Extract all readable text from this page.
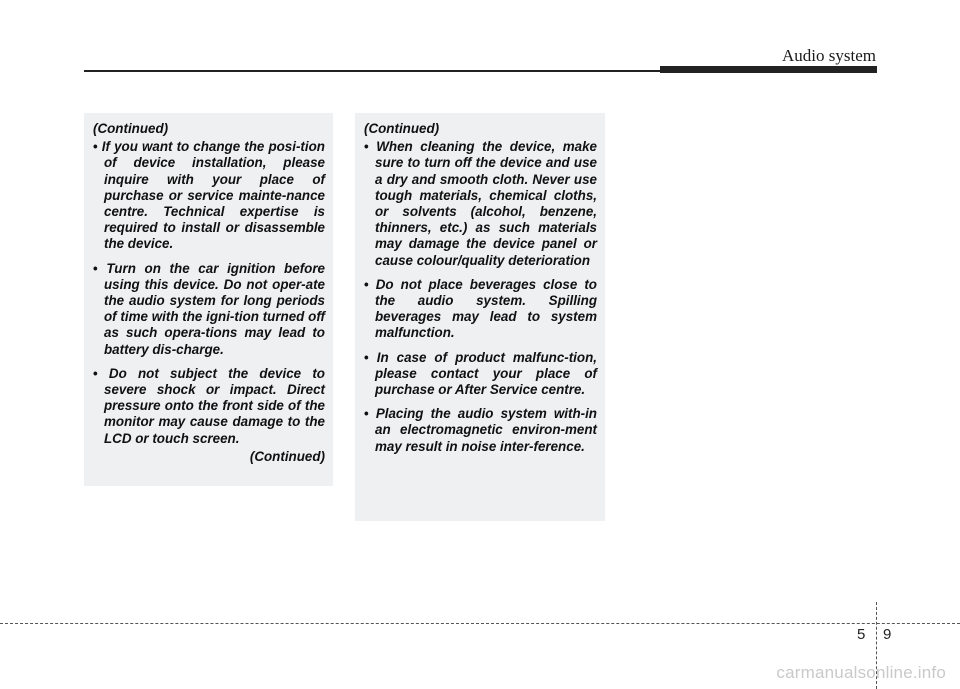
Audio system
(Continued)
• If you want to change the posi-tion of device installation, please inquire with your place of purchase or service mainte-nance centre. Technical expertise is required to install or disassemble the device.
• Turn on the car ignition before using this device. Do not oper-ate the audio system for long periods of time with the igni-tion turned off as such opera-tions may lead to battery dis-charge.
• Do not subject the device to severe shock or impact. Direct pressure onto the front side of the monitor may cause damage to the LCD or touch screen.
(Continued)
(Continued)
• When cleaning the device, make sure to turn off the device and use a dry and smooth cloth. Never use tough materials, chemical cloths, or solvents (alcohol, benzene, thinners, etc.) as such materials may damage the device panel or cause colour/quality deterioration
• Do not place beverages close to the audio system. Spilling beverages may lead to system malfunction.
• In case of product malfunc-tion, please contact your place of purchase or After Service centre.
• Placing the audio system with-in an electromagnetic environ-ment may result in noise inter-ference.
5 9
carmanualsonline.info
